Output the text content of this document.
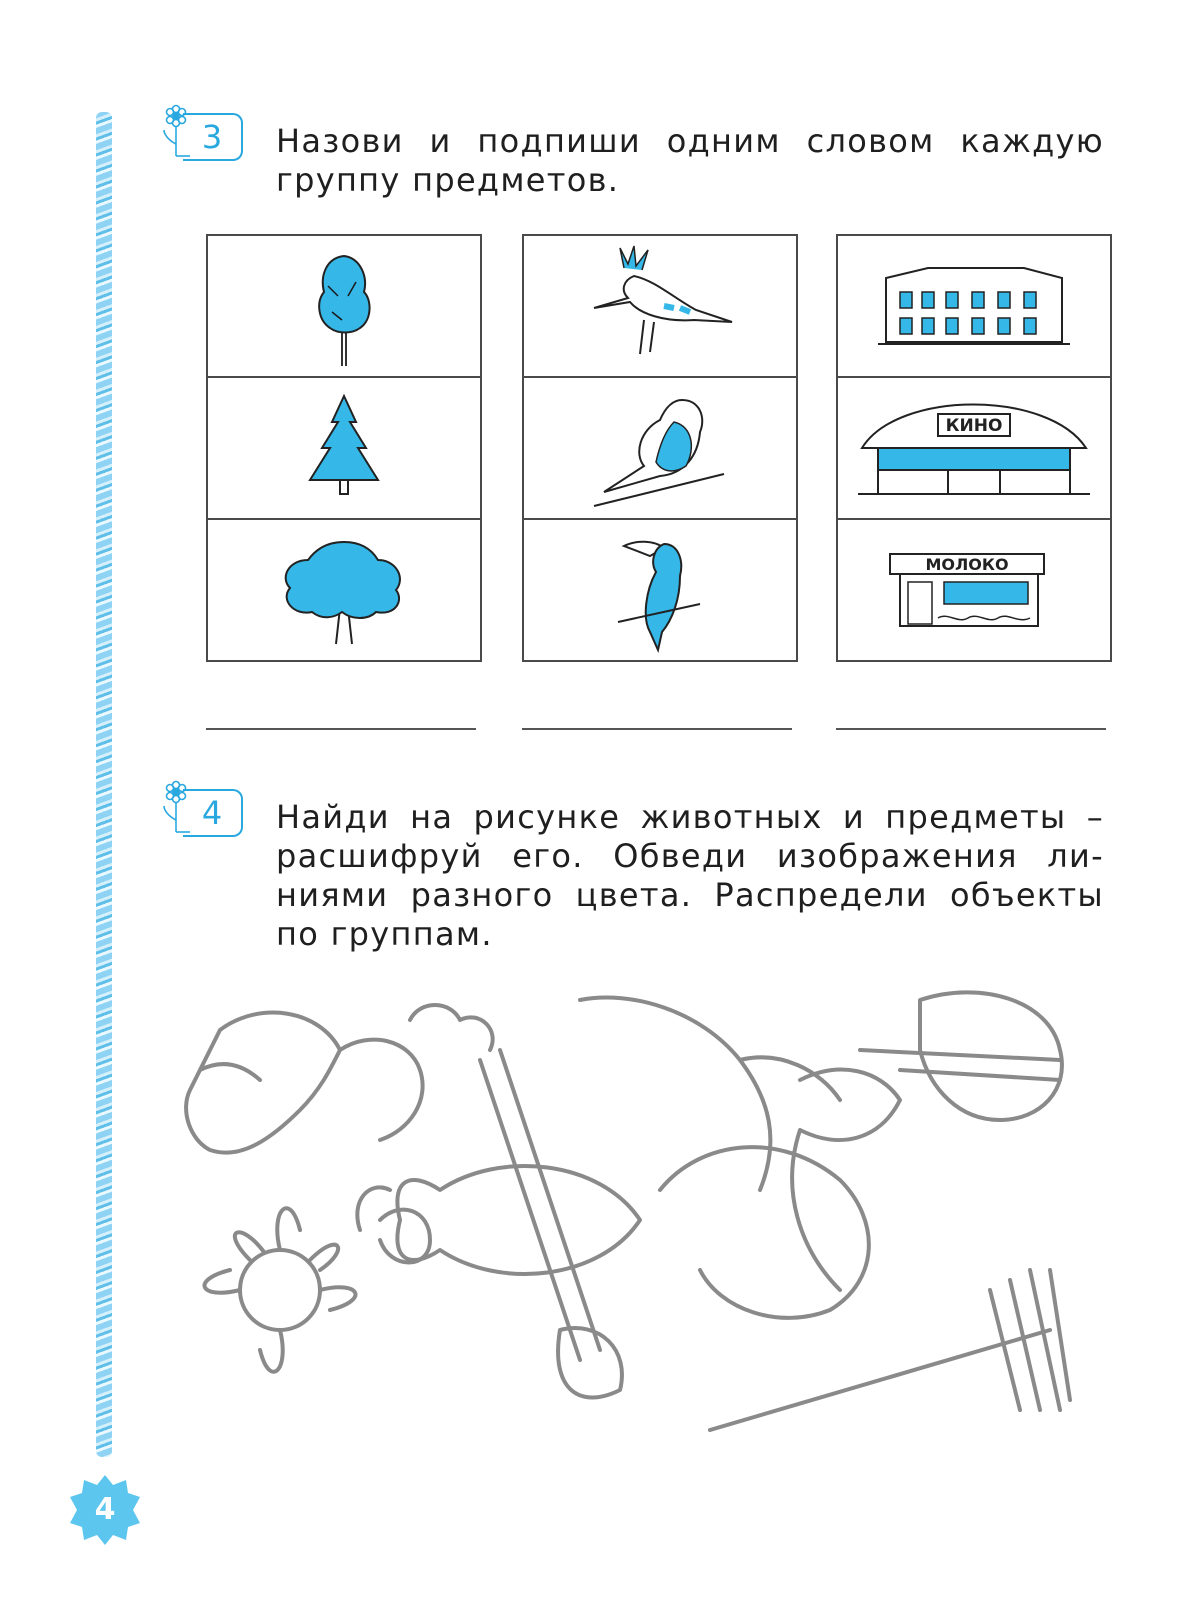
4
3	Назови и подпиши одним словом каждую
группу предметов.
КИНО
МОЛОКО
4	Найди на рисунке животных и предметы –
расшифруй его. Обведи изображения ли-
ниями разного цвета. Распредели объекты
по группам.
